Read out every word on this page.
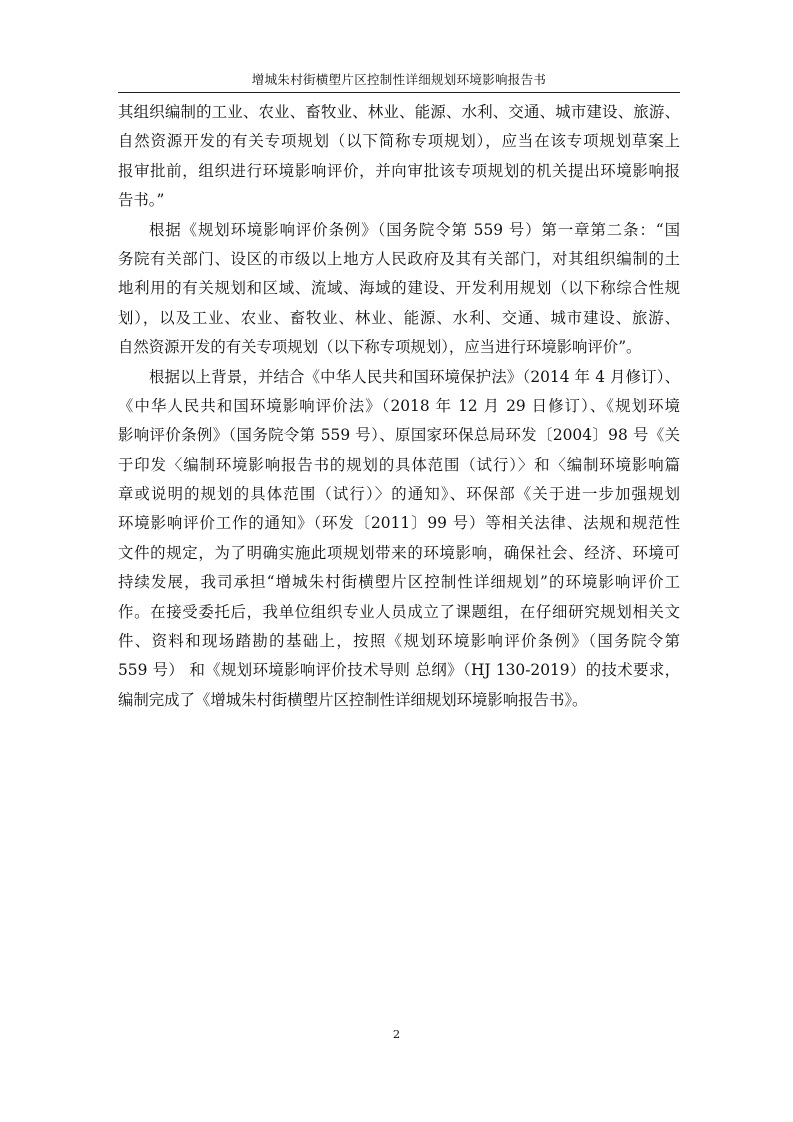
增城朱村街横塱片区控制性详细规划环境影响报告书
其组织编制的工业、农业、畜牧业、林业、能源、水利、交通、城市建设、旅游、
自然资源开发的有关专项规划（以下简称专项规划），应当在该专项规划草案上
报审批前，组织进行环境影响评价，并向审批该专项规划的机关提出环境影响报
告书。”
根据《规划环境影响评价条例》（国务院令第 559 号）第一章第二条：“国
务院有关部门、设区的市级以上地方人民政府及其有关部门，对其组织编制的土
地利用的有关规划和区域、流域、海域的建设、开发利用规划（以下称综合性规
划），以及工业、农业、畜牧业、林业、能源、水利、交通、城市建设、旅游、
自然资源开发的有关专项规划（以下称专项规划），应当进行环境影响评价”。
根据以上背景，并结合《中华人民共和国环境保护法》（2014 年 4 月修订）、
《中华人民共和国环境影响评价法》（2018 年 12 月 29 日修订）、《规划环境
影响评价条例》（国务院令第 559 号）、原国家环保总局环发〔2004〕98 号《关
于印发〈编制环境影响报告书的规划的具体范围（试行）〉和〈编制环境影响篇
章或说明的规划的具体范围（试行）〉的通知》、环保部《关于进一步加强规划
环境影响评价工作的通知》（环发〔2011〕99 号）等相关法律、法规和规范性
文件的规定，为了明确实施此项规划带来的环境影响，确保社会、经济、环境可
持续发展，我司承担“增城朱村街横塱片区控制性详细规划”的环境影响评价工
作。在接受委托后，我单位组织专业人员成立了课题组，在仔细研究规划相关文
件、资料和现场踏勘的基础上，按照《规划环境影响评价条例》（国务院令第
559 号） 和《规划环境影响评价技术导则 总纲》（HJ 130-2019）的技术要求，
编制完成了《增城朱村街横塱片区控制性详细规划环境影响报告书》。
2
